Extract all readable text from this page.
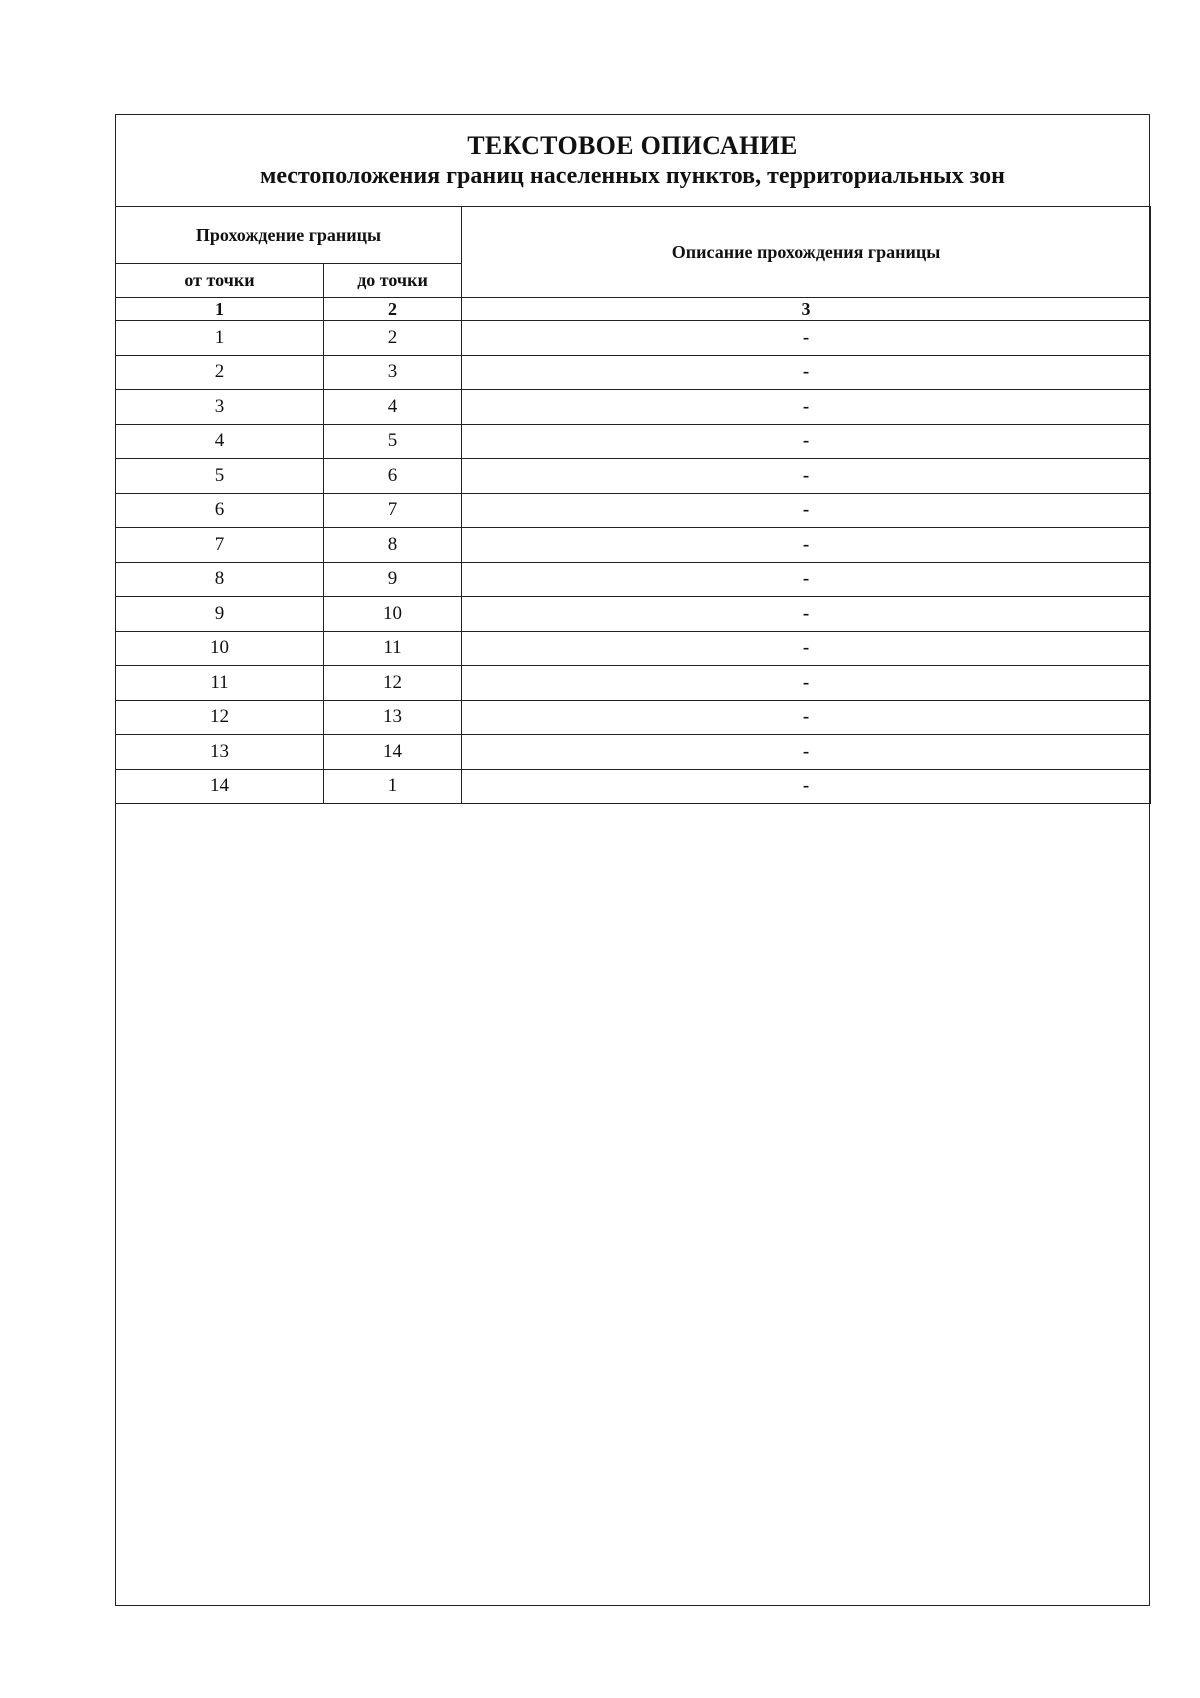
ТЕКСТОВОЕ ОПИСАНИЕ
местоположения границ населенных пунктов, территориальных зон
Прохождение границы		Описание прохождения границы
от точки	до точки	
1	2	3
1	2	-
2	3	-
3	4	-
4	5	-
5	6	-
6	7	-
7	8	-
8	9	-
9	10	-
10	11	-
11	12	-
12	13	-
13	14	-
14	1	-
